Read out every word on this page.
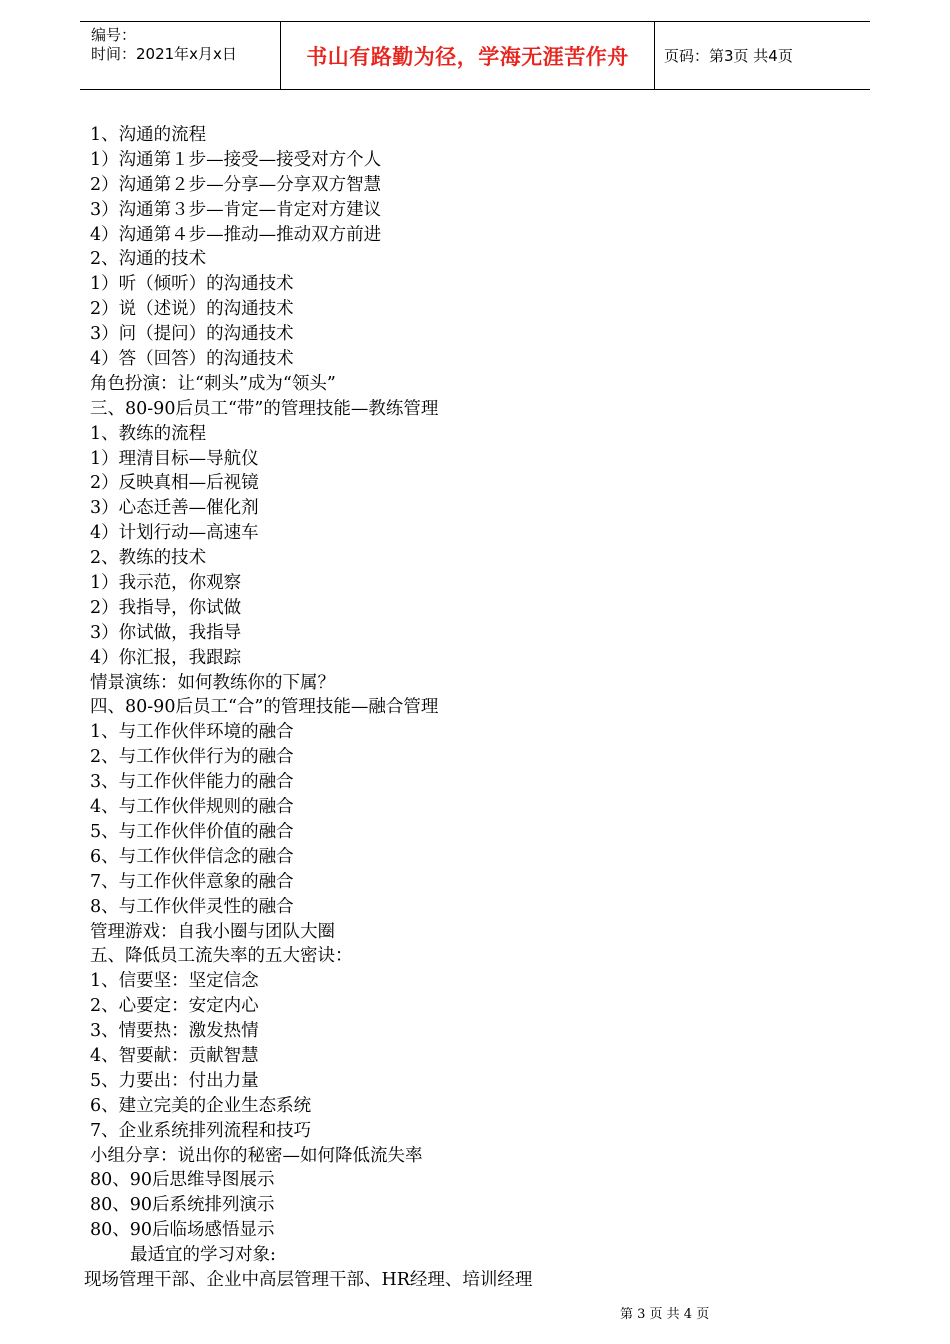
编号：
时间：2021年x月x日	书山有路勤为径，学海无涯苦作舟	页码：第3页 共4页
1、沟通的流程
1）沟通第１步—接受—接受对方个人
2）沟通第２步—分享—分享双方智慧
3）沟通第３步—肯定—肯定对方建议
4）沟通第４步—推动—推动双方前进
2、沟通的技术
1）听（倾听）的沟通技术
2）说（述说）的沟通技术
3）问（提问）的沟通技术
4）答（回答）的沟通技术
角色扮演：让“刺头”成为“领头”
三、80-90后员工“带”的管理技能—教练管理
1、教练的流程
1）理清目标—导航仪
2）反映真相—后视镜
3）心态迁善—催化剂
4）计划行动—高速车
2、教练的技术
1）我示范，你观察
2）我指导，你试做
3）你试做，我指导
4）你汇报，我跟踪
情景演练：如何教练你的下属？
四、80-90后员工“合”的管理技能—融合管理
1、与工作伙伴环境的融合
2、与工作伙伴行为的融合
3、与工作伙伴能力的融合
4、与工作伙伴规则的融合
5、与工作伙伴价值的融合
6、与工作伙伴信念的融合
7、与工作伙伴意象的融合
8、与工作伙伴灵性的融合
管理游戏：自我小圈与团队大圈
五、降低员工流失率的五大密诀：
1、信要坚：坚定信念
2、心要定：安定内心
3、情要热：激发热情
4、智要献：贡献智慧
5、力要出：付出力量
6、建立完美的企业生态系统
7、企业系统排列流程和技巧
小组分享：说出你的秘密—如何降低流失率
80、90后思维导图展示
80、90后系统排列演示
80、90后临场感悟显示
最适宜的学习对象:
现场管理干部、企业中高层管理干部、HR经理、培训经理
第 3 页 共 4 页
